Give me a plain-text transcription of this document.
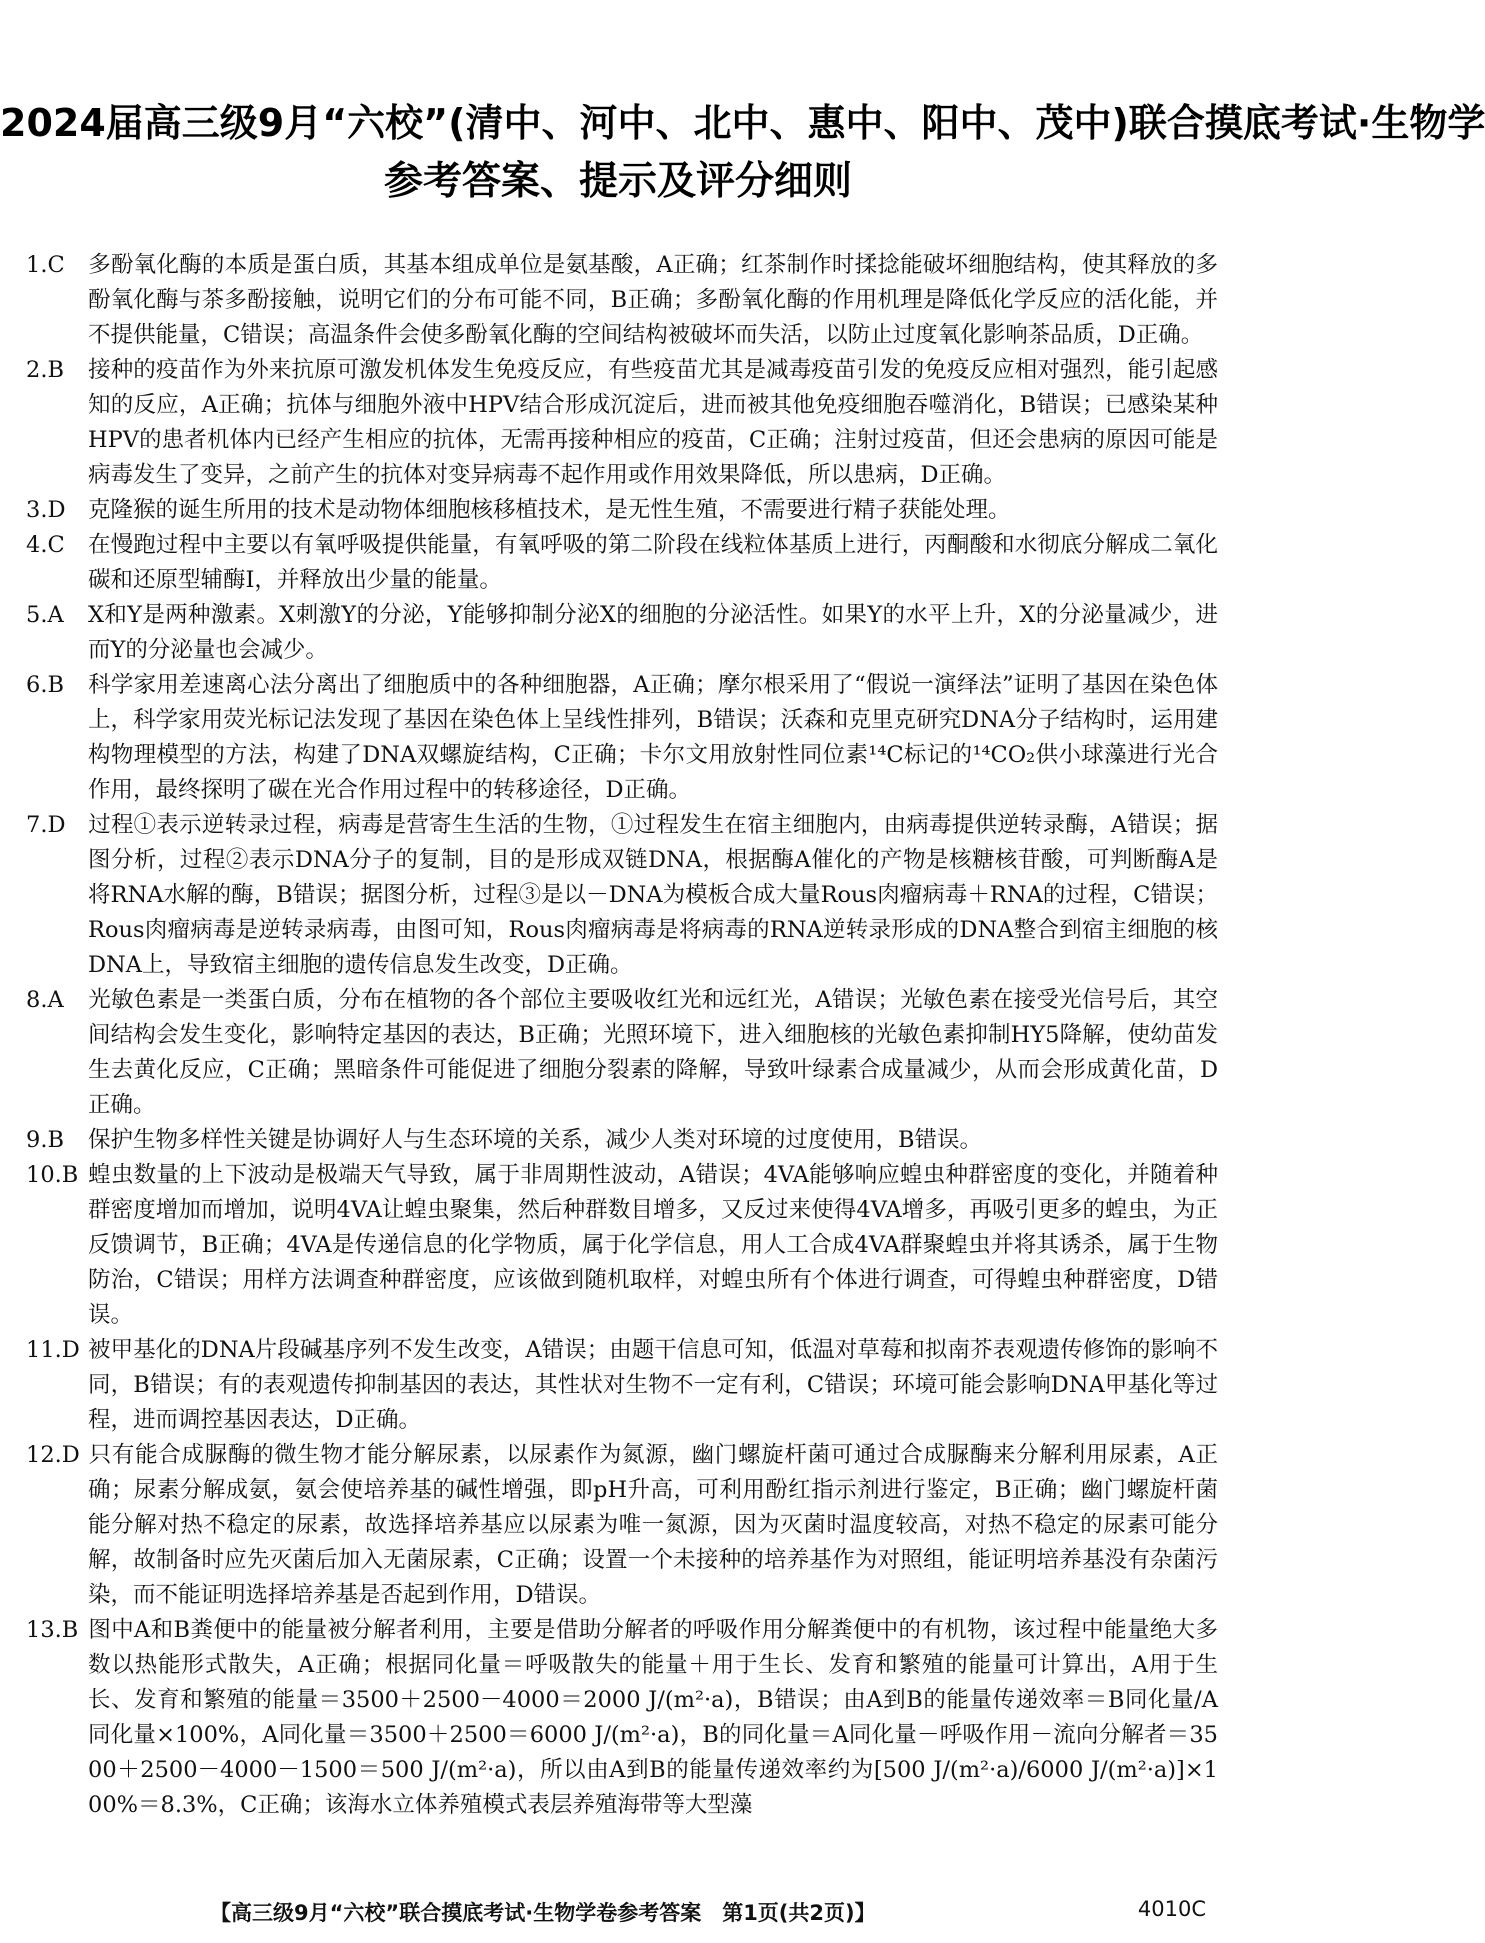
2024届高三级9月“六校”(清中、河中、北中、惠中、阳中、茂中)联合摸底考试·生物学
参考答案、提示及评分细则

1.C 多酚氧化酶的本质是蛋白质，其基本组成单位是氨基酸，A正确；红茶制作时揉捻能破坏细胞结构，使其释放的多酚氧化酶与茶多酚接触，说明它们的分布可能不同，B正确；多酚氧化酶的作用机理是降低化学反应的活化能，并不提供能量，C错误；高温条件会使多酚氧化酶的空间结构被破坏而失活，以防止过度氧化影响茶品质，D正确。

2.B 接种的疫苗作为外来抗原可激发机体发生免疫反应，有些疫苗尤其是减毒疫苗引发的免疫反应相对强烈，能引起感知的反应，A正确；抗体与细胞外液中HPV结合形成沉淀后，进而被其他免疫细胞吞噬消化，B错误；已感染某种HPV的患者机体内已经产生相应的抗体，无需再接种相应的疫苗，C正确；注射过疫苗，但还会患病的原因可能是病毒发生了变异，之前产生的抗体对变异病毒不起作用或作用效果降低，所以患病，D正确。

3.D 克隆猴的诞生所用的技术是动物体细胞核移植技术，是无性生殖，不需要进行精子获能处理。

4.C 在慢跑过程中主要以有氧呼吸提供能量，有氧呼吸的第二阶段在线粒体基质上进行，丙酮酸和水彻底分解成二氧化碳和还原型辅酶Ⅰ，并释放出少量的能量。

5.A X和Y是两种激素。X刺激Y的分泌，Y能够抑制分泌X的细胞的分泌活性。如果Y的水平上升，X的分泌量减少，进而Y的分泌量也会减少。

6.B 科学家用差速离心法分离出了细胞质中的各种细胞器，A正确；摩尔根采用了“假说一演绎法”证明了基因在染色体上，科学家用荧光标记法发现了基因在染色体上呈线性排列，B错误；沃森和克里克研究DNA分子结构时，运用建构物理模型的方法，构建了DNA双螺旋结构，C正确；卡尔文用放射性同位素¹⁴C标记的¹⁴CO₂供小球藻进行光合作用，最终探明了碳在光合作用过程中的转移途径，D正确。

7.D 过程①表示逆转录过程，病毒是营寄生生活的生物，①过程发生在宿主细胞内，由病毒提供逆转录酶，A错误；据图分析，过程②表示DNA分子的复制，目的是形成双链DNA，根据酶A催化的产物是核糖核苷酸，可判断酶A是将RNA水解的酶，B错误；据图分析，过程③是以－DNA为模板合成大量Rous肉瘤病毒＋RNA的过程，C错误；Rous肉瘤病毒是逆转录病毒，由图可知，Rous肉瘤病毒是将病毒的RNA逆转录形成的DNA整合到宿主细胞的核DNA上，导致宿主细胞的遗传信息发生改变，D正确。

8.A 光敏色素是一类蛋白质，分布在植物的各个部位主要吸收红光和远红光，A错误；光敏色素在接受光信号后，其空间结构会发生变化，影响特定基因的表达，B正确；光照环境下，进入细胞核的光敏色素抑制HY5降解，使幼苗发生去黄化反应，C正确；黑暗条件可能促进了细胞分裂素的降解，导致叶绿素合成量减少，从而会形成黄化苗，D正确。

9.B 保护生物多样性关键是协调好人与生态环境的关系，减少人类对环境的过度使用，B错误。

10.B 蝗虫数量的上下波动是极端天气导致，属于非周期性波动，A错误；4VA能够响应蝗虫种群密度的变化，并随着种群密度增加而增加，说明4VA让蝗虫聚集，然后种群数目增多，又反过来使得4VA增多，再吸引更多的蝗虫，为正反馈调节，B正确；4VA是传递信息的化学物质，属于化学信息，用人工合成4VA群聚蝗虫并将其诱杀，属于生物防治，C错误；用样方法调查种群密度，应该做到随机取样，对蝗虫所有个体进行调查，可得蝗虫种群密度，D错误。

11.D 被甲基化的DNA片段碱基序列不发生改变，A错误；由题干信息可知，低温对草莓和拟南芥表观遗传修饰的影响不同，B错误；有的表观遗传抑制基因的表达，其性状对生物不一定有利，C错误；环境可能会影响DNA甲基化等过程，进而调控基因表达，D正确。

12.D 只有能合成脲酶的微生物才能分解尿素，以尿素作为氮源，幽门螺旋杆菌可通过合成脲酶来分解利用尿素，A正确；尿素分解成氨，氨会使培养基的碱性增强，即pH升高，可利用酚红指示剂进行鉴定，B正确；幽门螺旋杆菌能分解对热不稳定的尿素，故选择培养基应以尿素为唯一氮源，因为灭菌时温度较高，对热不稳定的尿素可能分解，故制备时应先灭菌后加入无菌尿素，C正确；设置一个未接种的培养基作为对照组，能证明培养基没有杂菌污染，而不能证明选择培养基是否起到作用，D错误。

13.B 图中A和B粪便中的能量被分解者利用，主要是借助分解者的呼吸作用分解粪便中的有机物，该过程中能量绝大多数以热能形式散失，A正确；根据同化量＝呼吸散失的能量＋用于生长、发育和繁殖的能量可计算出，A用于生长、发育和繁殖的能量＝3500＋2500－4000＝2000 J/(m²·a)，B错误；由A到B的能量传递效率＝B同化量/A同化量×100%，A同化量＝3500＋2500＝6000 J/(m²·a)，B的同化量＝A同化量－呼吸作用－流向分解者＝3500＋2500－4000－1500＝500 J/(m²·a)，所以由A到B的能量传递效率约为[500 J/(m²·a)/6000 J/(m²·a)]×100%＝8.3%，C正确；该海水立体养殖模式表层养殖海带等大型藻

【高三级9月“六校”联合摸底考试·生物学卷参考答案　第1页(共2页)】	4010C
